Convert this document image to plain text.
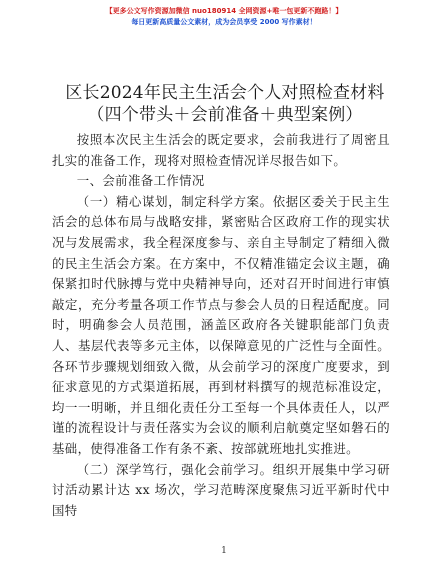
【更多公文写作资源加微信 nuo180914 全网资源+唯一包更新不跑路！】
每日更新高质量公文素材，成为会员享受 2000 写作素材！
区长2024年民主生活会个人对照检查材料（四个带头＋会前准备＋典型案例）

按照本次民主生活会的既定要求，会前我进行了周密且扎实的准备工作，现将对照检查情况详尽报告如下。

一、会前准备工作情况

（一）精心谋划，制定科学方案。依据区委关于民主生活会的总体布局与战略安排，紧密贴合区政府工作的现实状况与发展需求，我全程深度参与、亲自主导制定了精细入微的民主生活会方案。在方案中，不仅精准锚定会议主题，确保紧扣时代脉搏与党中央精神导向，还对召开时间进行审慎敲定，充分考量各项工作节点与参会人员的日程适配度。同时，明确参会人员范围，涵盖区政府各关键职能部门负责人、基层代表等多元主体，以保障意见的广泛性与全面性。各环节步骤规划细致入微，从会前学习的深度广度要求，到征求意见的方式渠道拓展，再到材料撰写的规范标准设定，均一一明晰，并且细化责任分工至每一个具体责任人，以严谨的流程设计与责任落实为会议的顺利启航奠定坚如磐石的基础，使得准备工作有条不紊、按部就班地扎实推进。

（二）深学笃行，强化会前学习。组织开展集中学习研讨活动累计达 xx 场次，学习范畴深度聚焦习近平新时代中国特

1
